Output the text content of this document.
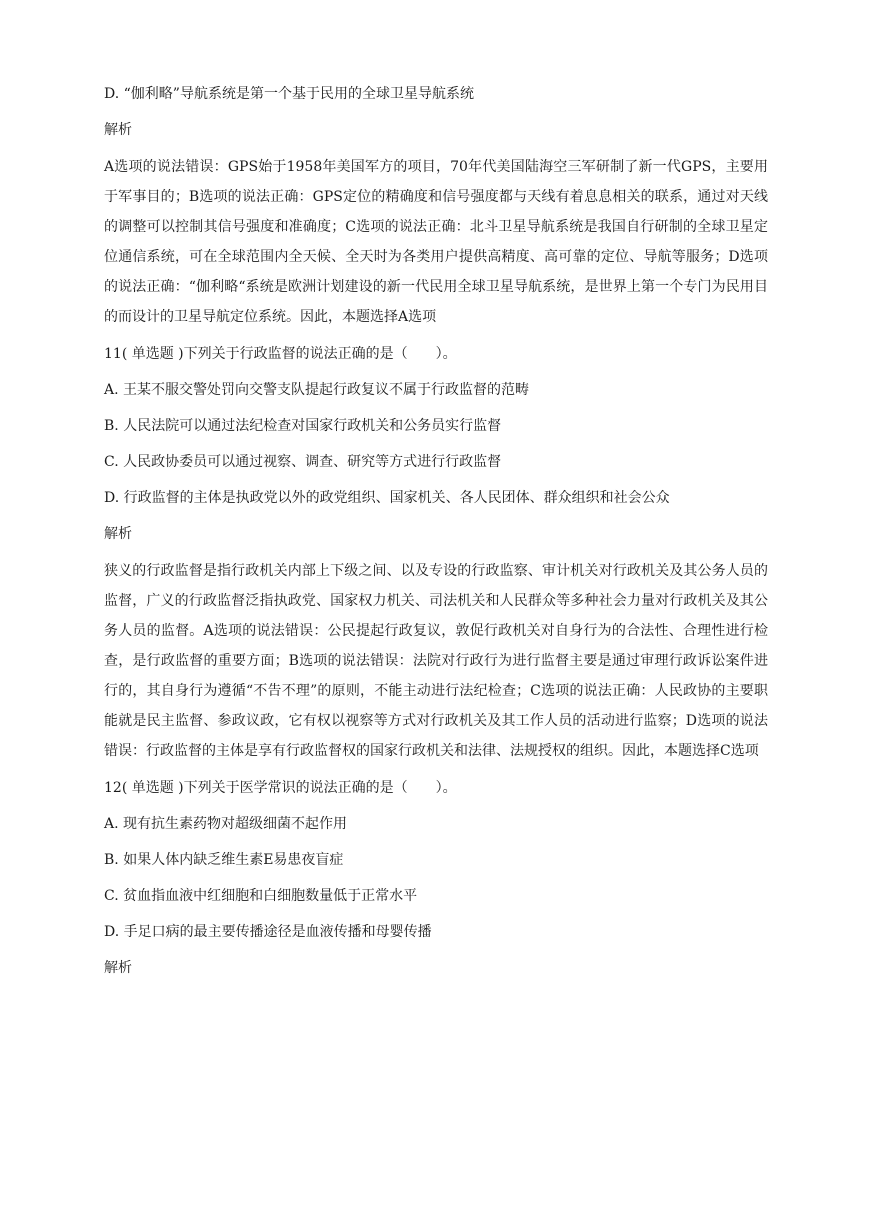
D. “伽利略”导航系统是第一个基于民用的全球卫星导航系统

解析

A选项的说法错误：GPS始于1958年美国军方的项目，70年代美国陆海空三军研制了新一代GPS，主要用于军事目的；B选项的说法正确：GPS定位的精确度和信号强度都与天线有着息息相关的联系，通过对天线的调整可以控制其信号强度和准确度；C选项的说法正确：北斗卫星导航系统是我国自行研制的全球卫星定位通信系统，可在全球范围内全天候、全天时为各类用户提供高精度、高可靠的定位、导航等服务；D选项的说法正确：“伽利略“系统是欧洲计划建设的新一代民用全球卫星导航系统，是世界上第一个专门为民用目的而设计的卫星导航定位系统。因此，本题选择A选项

11( 单选题 )下列关于行政监督的说法正确的是（　　）。

A. 王某不服交警处罚向交警支队提起行政复议不属于行政监督的范畴

B. 人民法院可以通过法纪检查对国家行政机关和公务员实行监督

C. 人民政协委员可以通过视察、调查、研究等方式进行行政监督

D. 行政监督的主体是执政党以外的政党组织、国家机关、各人民团体、群众组织和社会公众

解析

狭义的行政监督是指行政机关内部上下级之间、以及专设的行政监察、审计机关对行政机关及其公务人员的监督，广义的行政监督泛指执政党、国家权力机关、司法机关和人民群众等多种社会力量对行政机关及其公务人员的监督。A选项的说法错误：公民提起行政复议，敦促行政机关对自身行为的合法性、合理性进行检查，是行政监督的重要方面；B选项的说法错误：法院对行政行为进行监督主要是通过审理行政诉讼案件进行的，其自身行为遵循“不告不理”的原则，不能主动进行法纪检查；C选项的说法正确：人民政协的主要职能就是民主监督、参政议政，它有权以视察等方式对行政机关及其工作人员的活动进行监察；D选项的说法错误：行政监督的主体是享有行政监督权的国家行政机关和法律、法规授权的组织。因此，本题选择C选项

12( 单选题 )下列关于医学常识的说法正确的是（　　）。

A. 现有抗生素药物对超级细菌不起作用

B. 如果人体内缺乏维生素E易患夜盲症

C. 贫血指血液中红细胞和白细胞数量低于正常水平

D. 手足口病的最主要传播途径是血液传播和母婴传播

解析
